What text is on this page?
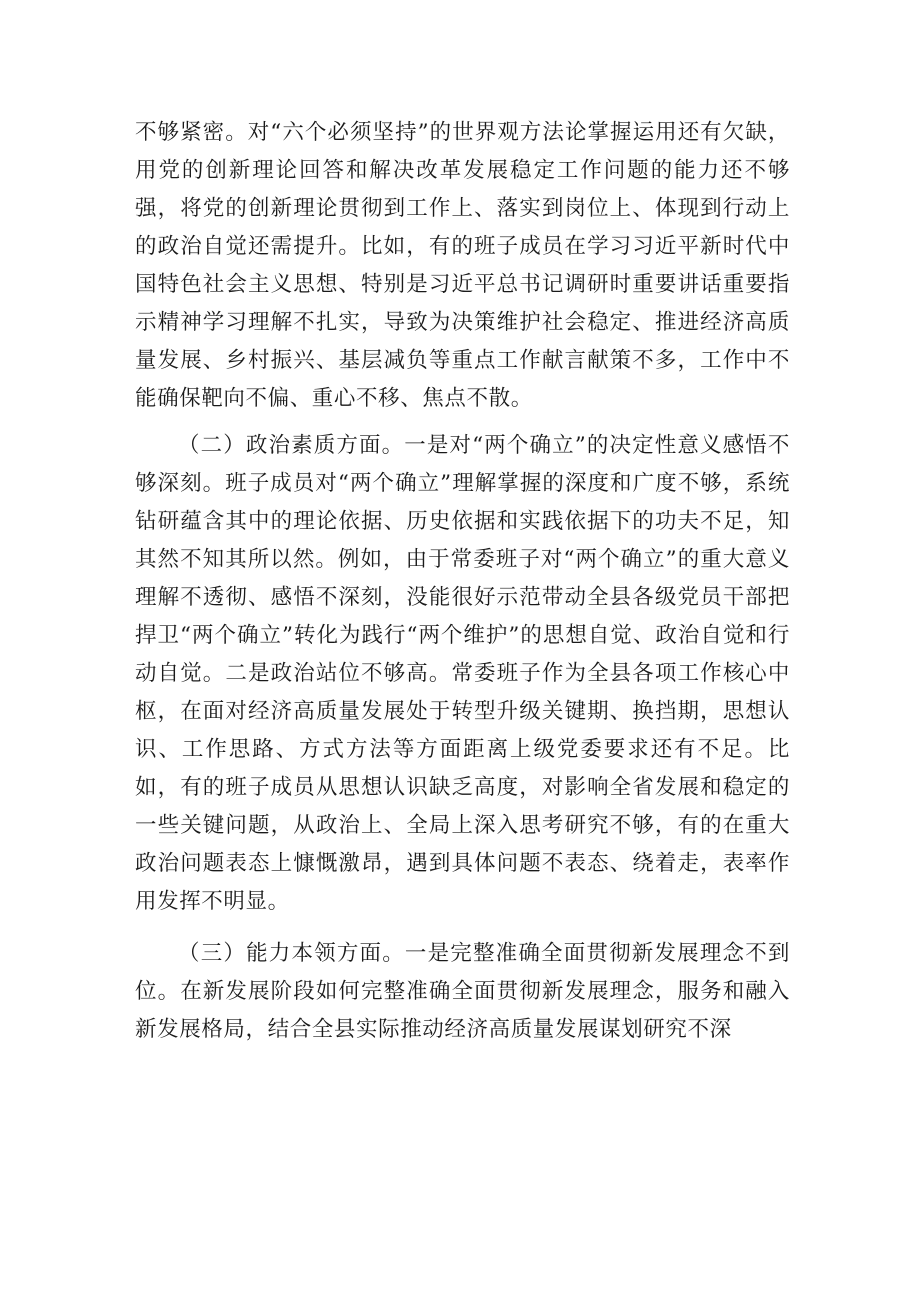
不够紧密。对“六个必须坚持”的世界观方法论掌握运用还有欠缺，用党的创新理论回答和解决改革发展稳定工作问题的能力还不够强，将党的创新理论贯彻到工作上、落实到岗位上、体现到行动上的政治自觉还需提升。比如，有的班子成员在学习习近平新时代中国特色社会主义思想、特别是习近平总书记调研时重要讲话重要指示精神学习理解不扎实，导致为决策维护社会稳定、推进经济高质量发展、乡村振兴、基层减负等重点工作献言献策不多，工作中不能确保靶向不偏、重心不移、焦点不散。

（二）政治素质方面。一是对“两个确立”的决定性意义感悟不够深刻。班子成员对“两个确立”理解掌握的深度和广度不够，系统钻研蕴含其中的理论依据、历史依据和实践依据下的功夫不足，知其然不知其所以然。例如，由于常委班子对“两个确立”的重大意义理解不透彻、感悟不深刻，没能很好示范带动全县各级党员干部把捍卫“两个确立”转化为践行“两个维护”的思想自觉、政治自觉和行动自觉。二是政治站位不够高。常委班子作为全县各项工作核心中枢，在面对经济高质量发展处于转型升级关键期、换挡期，思想认识、工作思路、方式方法等方面距离上级党委要求还有不足。比如，有的班子成员从思想认识缺乏高度，对影响全省发展和稳定的一些关键问题，从政治上、全局上深入思考研究不够，有的在重大政治问题表态上慷慨激昂，遇到具体问题不表态、绕着走，表率作用发挥不明显。

（三）能力本领方面。一是完整准确全面贯彻新发展理念不到位。在新发展阶段如何完整准确全面贯彻新发展理念，服务和融入新发展格局，结合全县实际推动经济高质量发展谋划研究不深
